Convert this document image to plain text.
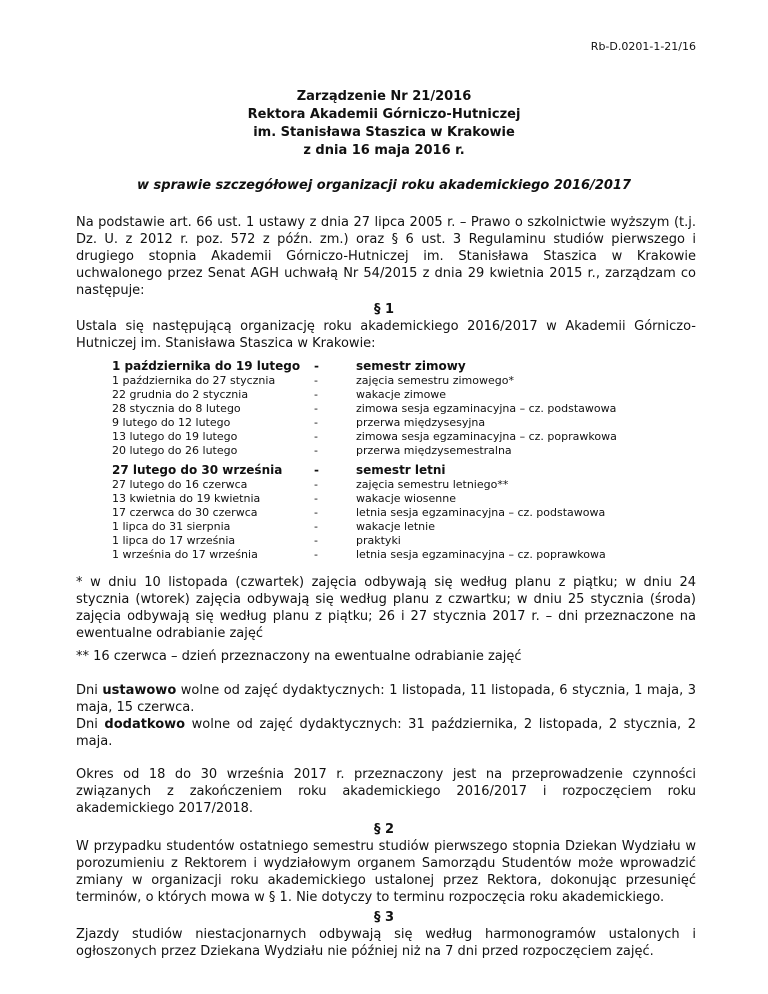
Rb-D.0201-1-21/16
Zarządzenie Nr 21/2016
Rektora Akademii Górniczo-Hutniczej
im. Stanisława Staszica w Krakowie
z dnia 16 maja 2016 r.
w sprawie szczegółowej organizacji roku akademickiego 2016/2017

Na podstawie art. 66 ust. 1 ustawy z dnia 27 lipca 2005 r. – Prawo o szkolnictwie wyższym (t.j. Dz. U. z 2012 r. poz. 572 z późn. zm.) oraz § 6 ust. 3 Regulaminu studiów pierwszego i drugiego stopnia Akademii Górniczo-Hutniczej im. Stanisława Staszica w Krakowie uchwalonego przez Senat AGH uchwałą Nr 54/2015 z dnia 29 kwietnia 2015 r., zarządzam co następuje:

§ 1

Ustala się następującą organizację roku akademickiego 2016/2017 w Akademii Górniczo-Hutniczej im. Stanisława Staszica w Krakowie:

1 października do 19 lutego	-	semestr zimowy
1 października do 27 stycznia	-	zajęcia semestru zimowego*
22 grudnia do 2 stycznia	-	wakacje zimowe
28 stycznia do 8 lutego	-	zimowa sesja egzaminacyjna – cz. podstawowa
9 lutego do 12 lutego	-	przerwa międzysesyjna
13 lutego do 19 lutego	-	zimowa sesja egzaminacyjna – cz. poprawkowa
20 lutego do 26 lutego	-	przerwa międzysemestralna
27 lutego do 30 września	-	semestr letni
27 lutego do 16 czerwca	-	zajęcia semestru letniego**
13 kwietnia do 19 kwietnia	-	wakacje wiosenne
17 czerwca do 30 czerwca	-	letnia sesja egzaminacyjna – cz. podstawowa
1 lipca do 31 sierpnia	-	wakacje letnie
1 lipca do 17 września	-	praktyki
1 września do 17 września	-	letnia sesja egzaminacyjna – cz. poprawkowa

* w dniu 10 listopada (czwartek) zajęcia odbywają się według planu z piątku; w dniu 24 stycznia (wtorek) zajęcia odbywają się według planu z czwartku; w dniu 25 stycznia (środa) zajęcia odbywają się według planu z piątku; 26 i 27 stycznia 2017 r. – dni przeznaczone na ewentualne odrabianie zajęć

** 16 czerwca – dzień przeznaczony na ewentualne odrabianie zajęć

Dni ustawowo wolne od zajęć dydaktycznych: 1 listopada, 11 listopada, 6 stycznia, 1 maja, 3 maja, 15 czerwca.

Dni dodatkowo wolne od zajęć dydaktycznych: 31 października, 2 listopada, 2 stycznia, 2 maja.

Okres od 18 do 30 września 2017 r. przeznaczony jest na przeprowadzenie czynności związanych z zakończeniem roku akademickiego 2016/2017 i rozpoczęciem roku akademickiego 2017/2018.

§ 2

W przypadku studentów ostatniego semestru studiów pierwszego stopnia Dziekan Wydziału w porozumieniu z Rektorem i wydziałowym organem Samorządu Studentów może wprowadzić zmiany w organizacji roku akademickiego ustalonej przez Rektora, dokonując przesunięć terminów, o których mowa w § 1. Nie dotyczy to terminu rozpoczęcia roku akademickiego.

§ 3

Zjazdy studiów niestacjonarnych odbywają się według harmonogramów ustalonych i ogłoszonych przez Dziekana Wydziału nie później niż na 7 dni przed rozpoczęciem zajęć.
